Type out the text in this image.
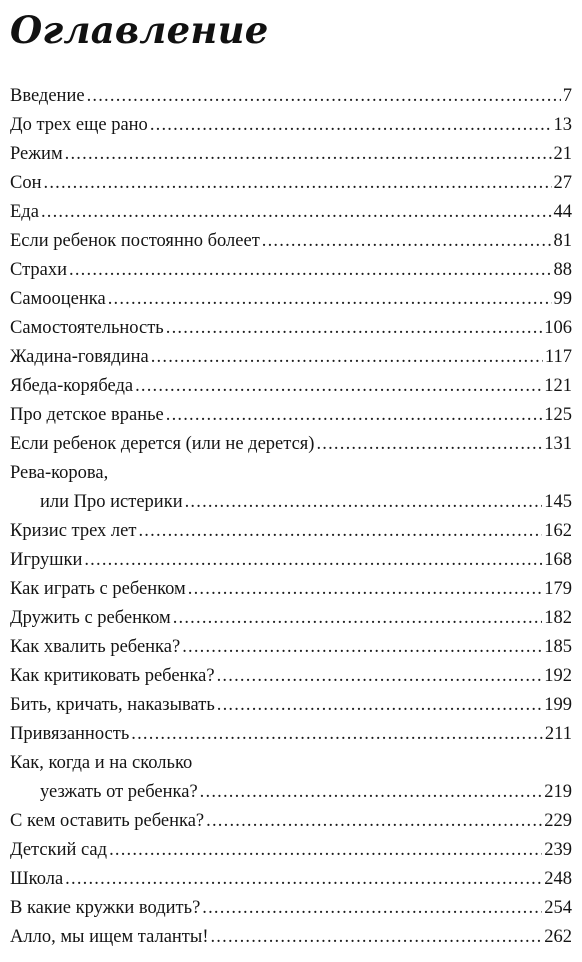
Оглавление
Введение .....	7
До трех еще рано .....	13
Режим .....	21
Сон .....	27
Еда .....	44
Если ребенок постоянно болеет .....	81
Страхи .....	88
Самооценка .....	99
Самостоятельность .....	106
Жадина-говядина .....	117
Ябеда-корябеда .....	121
Про детское вранье .....	125
Если ребенок дерется (или не дерется) .....	131
Рева-корова,
или Про истерики .....	145
Кризис трех лет .....	162
Игрушки .....	168
Как играть с ребенком .....	179
Дружить с ребенком .....	182
Как хвалить ребенка? .....	185
Как критиковать ребенка? .....	192
Бить, кричать, наказывать .....	199
Привязанность .....	211
Как, когда и на сколько
уезжать от ребенка? .....	219
С кем оставить ребенка? .....	229
Детский сад .....	239
Школа .....	248
В какие кружки водить? .....	254
Алло, мы ищем таланты! .....	262
